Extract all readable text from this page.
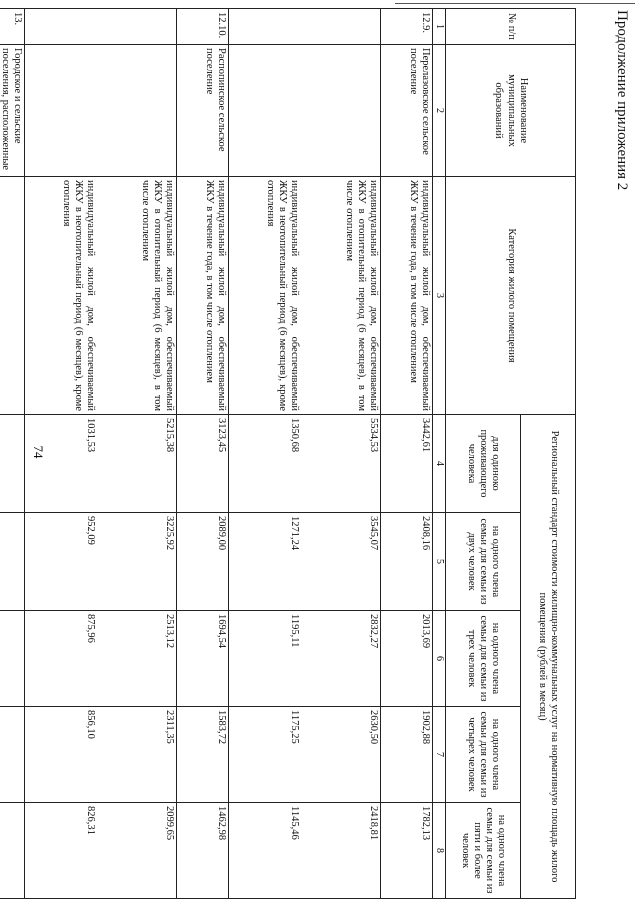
74
Продолжение приложения 2
№ п/п	Наименование муниципальных образований	Категория жилого помещения	Региональный стандарт стоимости жилищно-коммунальных услуг на нормативную площадь жилого помещения (рублей в месяц)				
			для одиноко проживающего человека	на одного члена семьи для семьи из двух человек	на одного члена семьи для семьи из трех человек	на одного члена семьи для семьи из четырех человек	на одного члена семьи для семьи из пяти и более человек
1	2	3	4	5	6	7	8
12.9.	Перелазовское сельское поселение	индивидуальный жилой дом, обеспечиваемый ЖКУ в течение года, в том числе отоплением	3442,61	2408,16	2013,69	1902,88	1782,13
		индивидуальный жилой дом, обеспечиваемый ЖКУ в отопительный период (6 месяцев), в том числе отоплением	5534,53	3545,07	2832,27	2630,50	2418,81
		индивидуальный жилой дом, обеспечиваемый ЖКУ в неотопительный период (6 месяцев), кроме отопления	1350,68	1271,24	1195,11	1175,25	1145,46
12.10.	Распопинское сельское поселение	индивидуальный жилой дом, обеспечиваемый ЖКУ в течение года, в том числе отоплением	3123,45	2089,00	1694,54	1583,72	1462,98
		индивидуальный жилой дом, обеспечиваемый ЖКУ в отопительный период (6 месяцев), в том числе отоплением	5215,38	3225,92	2513,12	2311,35	2099,65
		индивидуальный жилой дом, обеспечиваемый ЖКУ в неотопительный период (6 месяцев), кроме отопления	1031,53	952,09	875,96	856,10	826,31
13.	Городское и сельские поселения, расположенные						
